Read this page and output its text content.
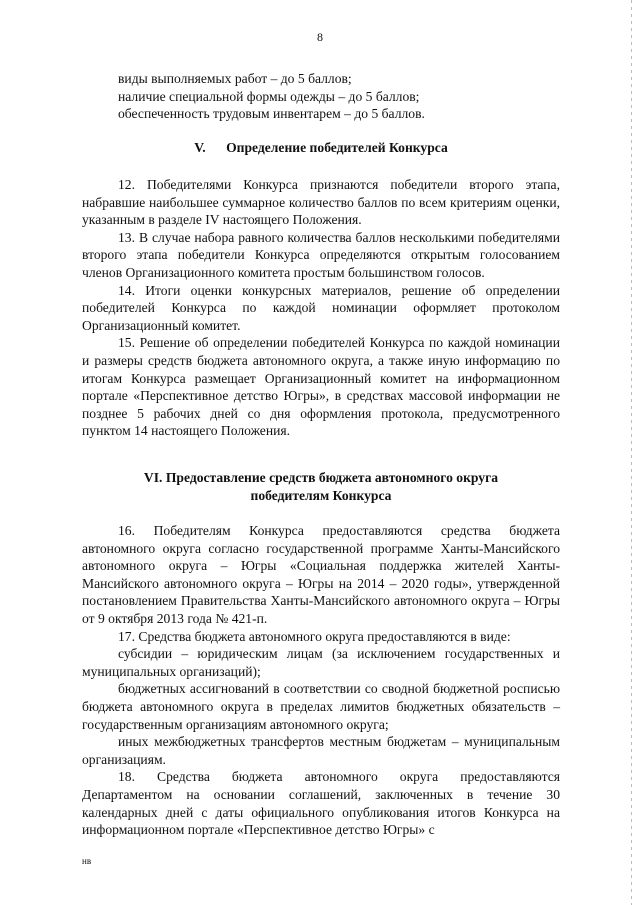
8

виды выполняемых работ – до 5 баллов;

наличие специальной формы одежды – до 5 баллов;

обеспеченность трудовым инвентарем – до 5 баллов.

V.      Определение победителей Конкурса

12. Победителями Конкурса признаются победители второго этапа, набравшие наибольшее суммарное количество баллов по всем критериям оценки, указанным в разделе IV настоящего Положения.

13. В случае набора равного количества баллов несколькими победителями второго этапа победители Конкурса определяются открытым голосованием членов Организационного комитета простым большинством голосов.

14. Итоги оценки конкурсных материалов, решение об определении победителей Конкурса по каждой номинации оформляет протоколом Организационный комитет.

15. Решение об определении победителей Конкурса по каждой номинации и размеры средств бюджета автономного округа, а также иную информацию по итогам Конкурса размещает Организационный комитет на информационном портале «Перспективное детство Югры», в средствах массовой информации не позднее 5 рабочих дней со дня оформления протокола, предусмотренного пунктом 14 настоящего Положения.

VI. Предоставление средств бюджета автономного округа

победителям Конкурса

16. Победителям Конкурса предоставляются средства бюджета автономного округа согласно государственной программе Ханты-Мансийского автономного округа – Югры «Социальная поддержка жителей Ханты-Мансийского автономного округа – Югры на 2014 – 2020 годы», утвержденной постановлением Правительства Ханты-Мансийского автономного округа – Югры от 9 октября 2013 года № 421-п.

17. Средства бюджета автономного округа предоставляются в виде:

субсидии – юридическим лицам (за исключением государственных и муниципальных организаций);

бюджетных ассигнований в соответствии со сводной бюджетной росписью бюджета автономного округа в пределах лимитов бюджетных обязательств – государственным организациям автономного округа;

иных межбюджетных трансфертов местным бюджетам – муниципальным организациям.

18. Средства бюджета автономного округа предоставляются Департаментом на основании соглашений, заключенных в течение 30 календарных дней с даты официального опубликования итогов Конкурса на информационном портале «Перспективное детство Югры» с

нв
